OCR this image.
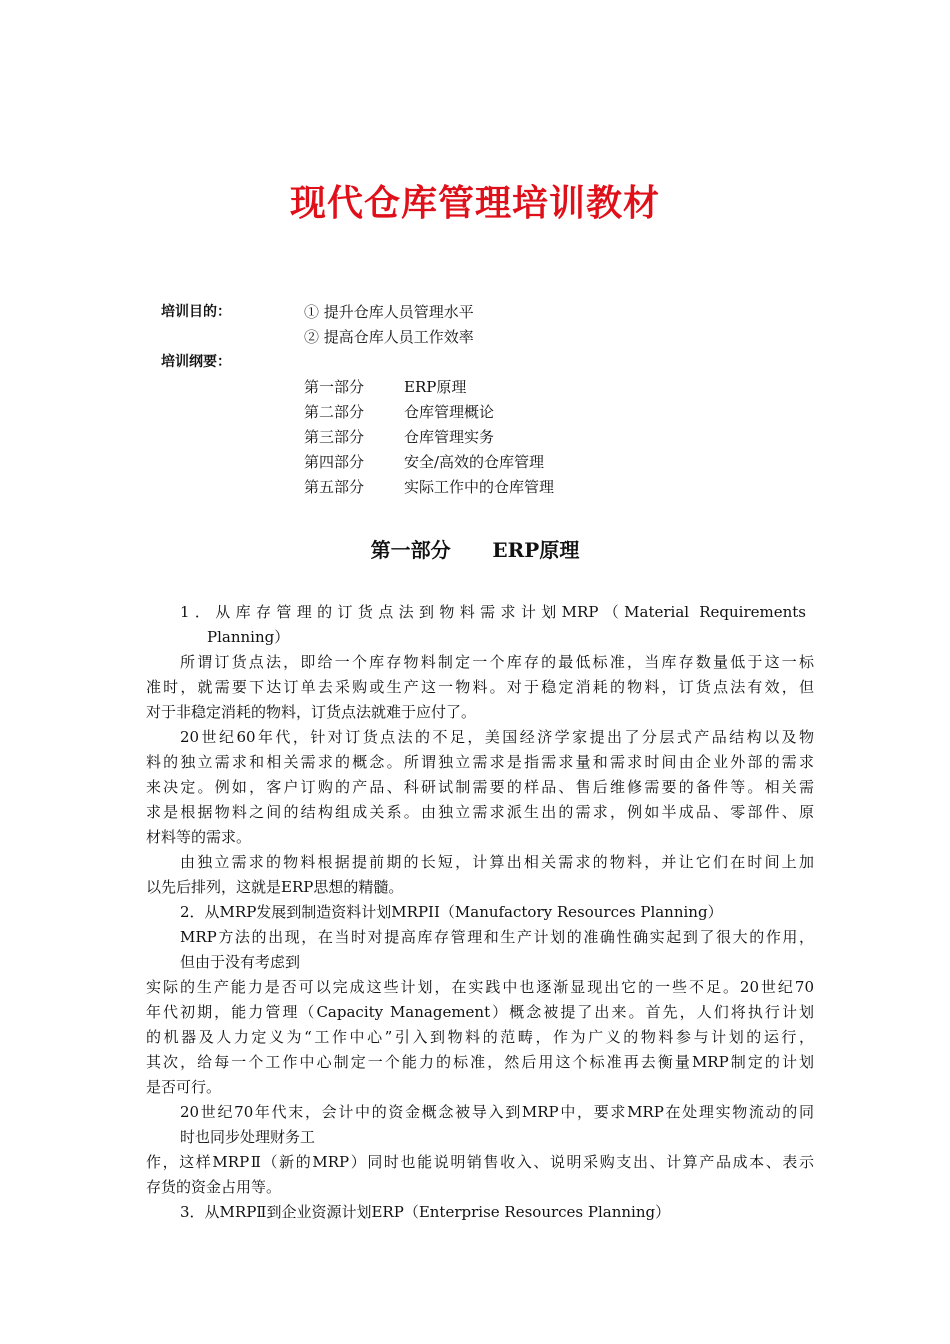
现代仓库管理培训教材
培训目的：	① 提升仓库人员管理水平
② 提高仓库人员工作效率
培训纲要：
第一部分	ERP原理
第二部分	仓库管理概论
第三部分	仓库管理实务
第四部分	安全/高效的仓库管理
第五部分	实际工作中的仓库管理
第一部分      ERP原理
1．从库存管理的订货点法到物料需求计划MRP（Material Requirements
Planning）
所谓订货点法，即给一个库存物料制定一个库存的最低标准，当库存数量低于这一标
准时，就需要下达订单去采购或生产这一物料。对于稳定消耗的物料，订货点法有效，但
对于非稳定消耗的物料，订货点法就难于应付了。
20世纪60年代，针对订货点法的不足，美国经济学家提出了分层式产品结构以及物
料的独立需求和相关需求的概念。所谓独立需求是指需求量和需求时间由企业外部的需求
来决定。例如，客户订购的产品、科研试制需要的样品、售后维修需要的备件等。相关需
求是根据物料之间的结构组成关系。由独立需求派生出的需求，例如半成品、零部件、原
材料等的需求。
由独立需求的物料根据提前期的长短，计算出相关需求的物料，并让它们在时间上加
以先后排列，这就是ERP思想的精髓。
2．从MRP发展到制造资料计划MRPII（Manufactory Resources Planning）
MRP方法的出现，在当时对提高库存管理和生产计划的准确性确实起到了很大的作用，
但由于没有考虑到
实际的生产能力是否可以完成这些计划，在实践中也逐渐显现出它的一些不足。20世纪70
年代初期，能力管理（Capacity Management）概念被提了出来。首先，人们将执行计划
的机器及人力定义为“工作中心”引入到物料的范畴，作为广义的物料参与计划的运行，
其次，给每一个工作中心制定一个能力的标准，然后用这个标准再去衡量MRP制定的计划
是否可行。
20世纪70年代末，会计中的资金概念被导入到MRP中，要求MRP在处理实物流动的同
时也同步处理财务工
作，这样MRPⅡ（新的MRP）同时也能说明销售收入、说明采购支出、计算产品成本、表示
存货的资金占用等。
3．从MRPⅡ到企业资源计划ERP（Enterprise Resources Planning）
